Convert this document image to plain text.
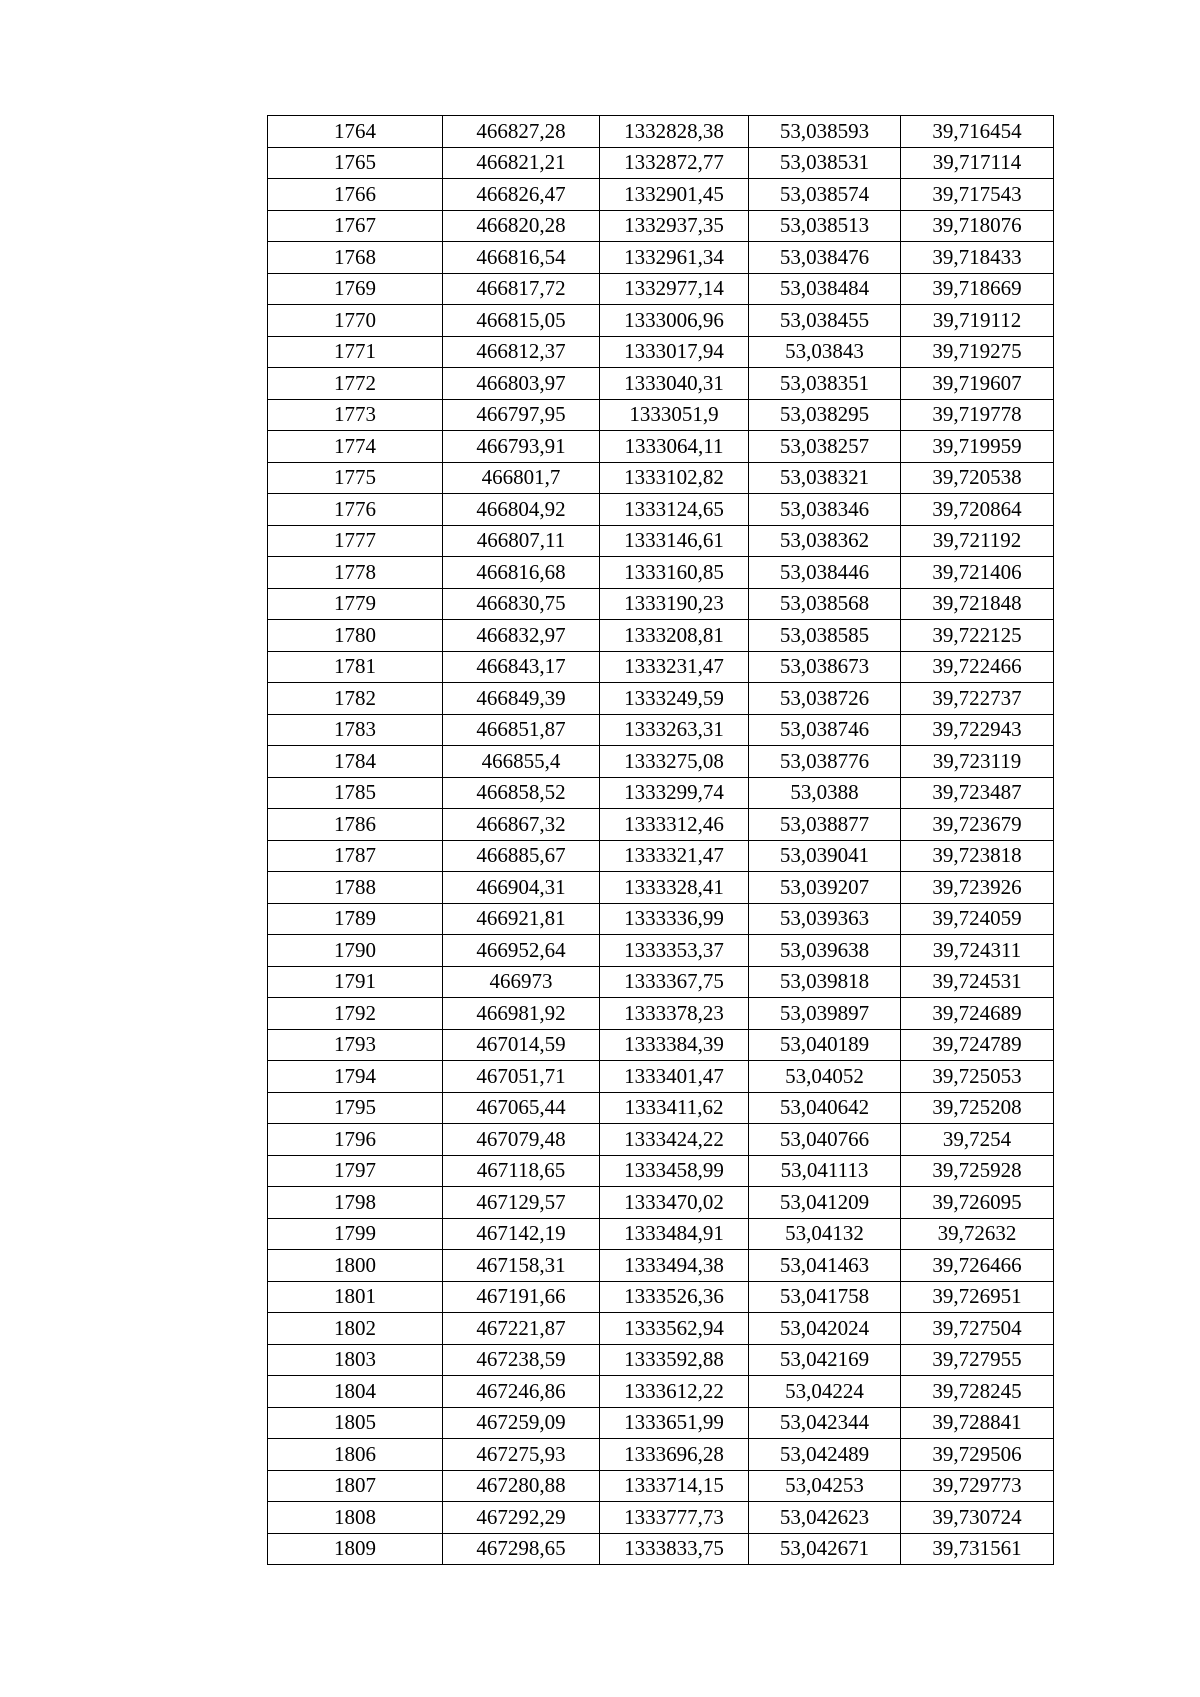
1764	466827,28	1332828,38	53,038593	39,716454
1765	466821,21	1332872,77	53,038531	39,717114
1766	466826,47	1332901,45	53,038574	39,717543
1767	466820,28	1332937,35	53,038513	39,718076
1768	466816,54	1332961,34	53,038476	39,718433
1769	466817,72	1332977,14	53,038484	39,718669
1770	466815,05	1333006,96	53,038455	39,719112
1771	466812,37	1333017,94	53,03843	39,719275
1772	466803,97	1333040,31	53,038351	39,719607
1773	466797,95	1333051,9	53,038295	39,719778
1774	466793,91	1333064,11	53,038257	39,719959
1775	466801,7	1333102,82	53,038321	39,720538
1776	466804,92	1333124,65	53,038346	39,720864
1777	466807,11	1333146,61	53,038362	39,721192
1778	466816,68	1333160,85	53,038446	39,721406
1779	466830,75	1333190,23	53,038568	39,721848
1780	466832,97	1333208,81	53,038585	39,722125
1781	466843,17	1333231,47	53,038673	39,722466
1782	466849,39	1333249,59	53,038726	39,722737
1783	466851,87	1333263,31	53,038746	39,722943
1784	466855,4	1333275,08	53,038776	39,723119
1785	466858,52	1333299,74	53,0388	39,723487
1786	466867,32	1333312,46	53,038877	39,723679
1787	466885,67	1333321,47	53,039041	39,723818
1788	466904,31	1333328,41	53,039207	39,723926
1789	466921,81	1333336,99	53,039363	39,724059
1790	466952,64	1333353,37	53,039638	39,724311
1791	466973	1333367,75	53,039818	39,724531
1792	466981,92	1333378,23	53,039897	39,724689
1793	467014,59	1333384,39	53,040189	39,724789
1794	467051,71	1333401,47	53,04052	39,725053
1795	467065,44	1333411,62	53,040642	39,725208
1796	467079,48	1333424,22	53,040766	39,7254
1797	467118,65	1333458,99	53,041113	39,725928
1798	467129,57	1333470,02	53,041209	39,726095
1799	467142,19	1333484,91	53,04132	39,72632
1800	467158,31	1333494,38	53,041463	39,726466
1801	467191,66	1333526,36	53,041758	39,726951
1802	467221,87	1333562,94	53,042024	39,727504
1803	467238,59	1333592,88	53,042169	39,727955
1804	467246,86	1333612,22	53,04224	39,728245
1805	467259,09	1333651,99	53,042344	39,728841
1806	467275,93	1333696,28	53,042489	39,729506
1807	467280,88	1333714,15	53,04253	39,729773
1808	467292,29	1333777,73	53,042623	39,730724
1809	467298,65	1333833,75	53,042671	39,731561
